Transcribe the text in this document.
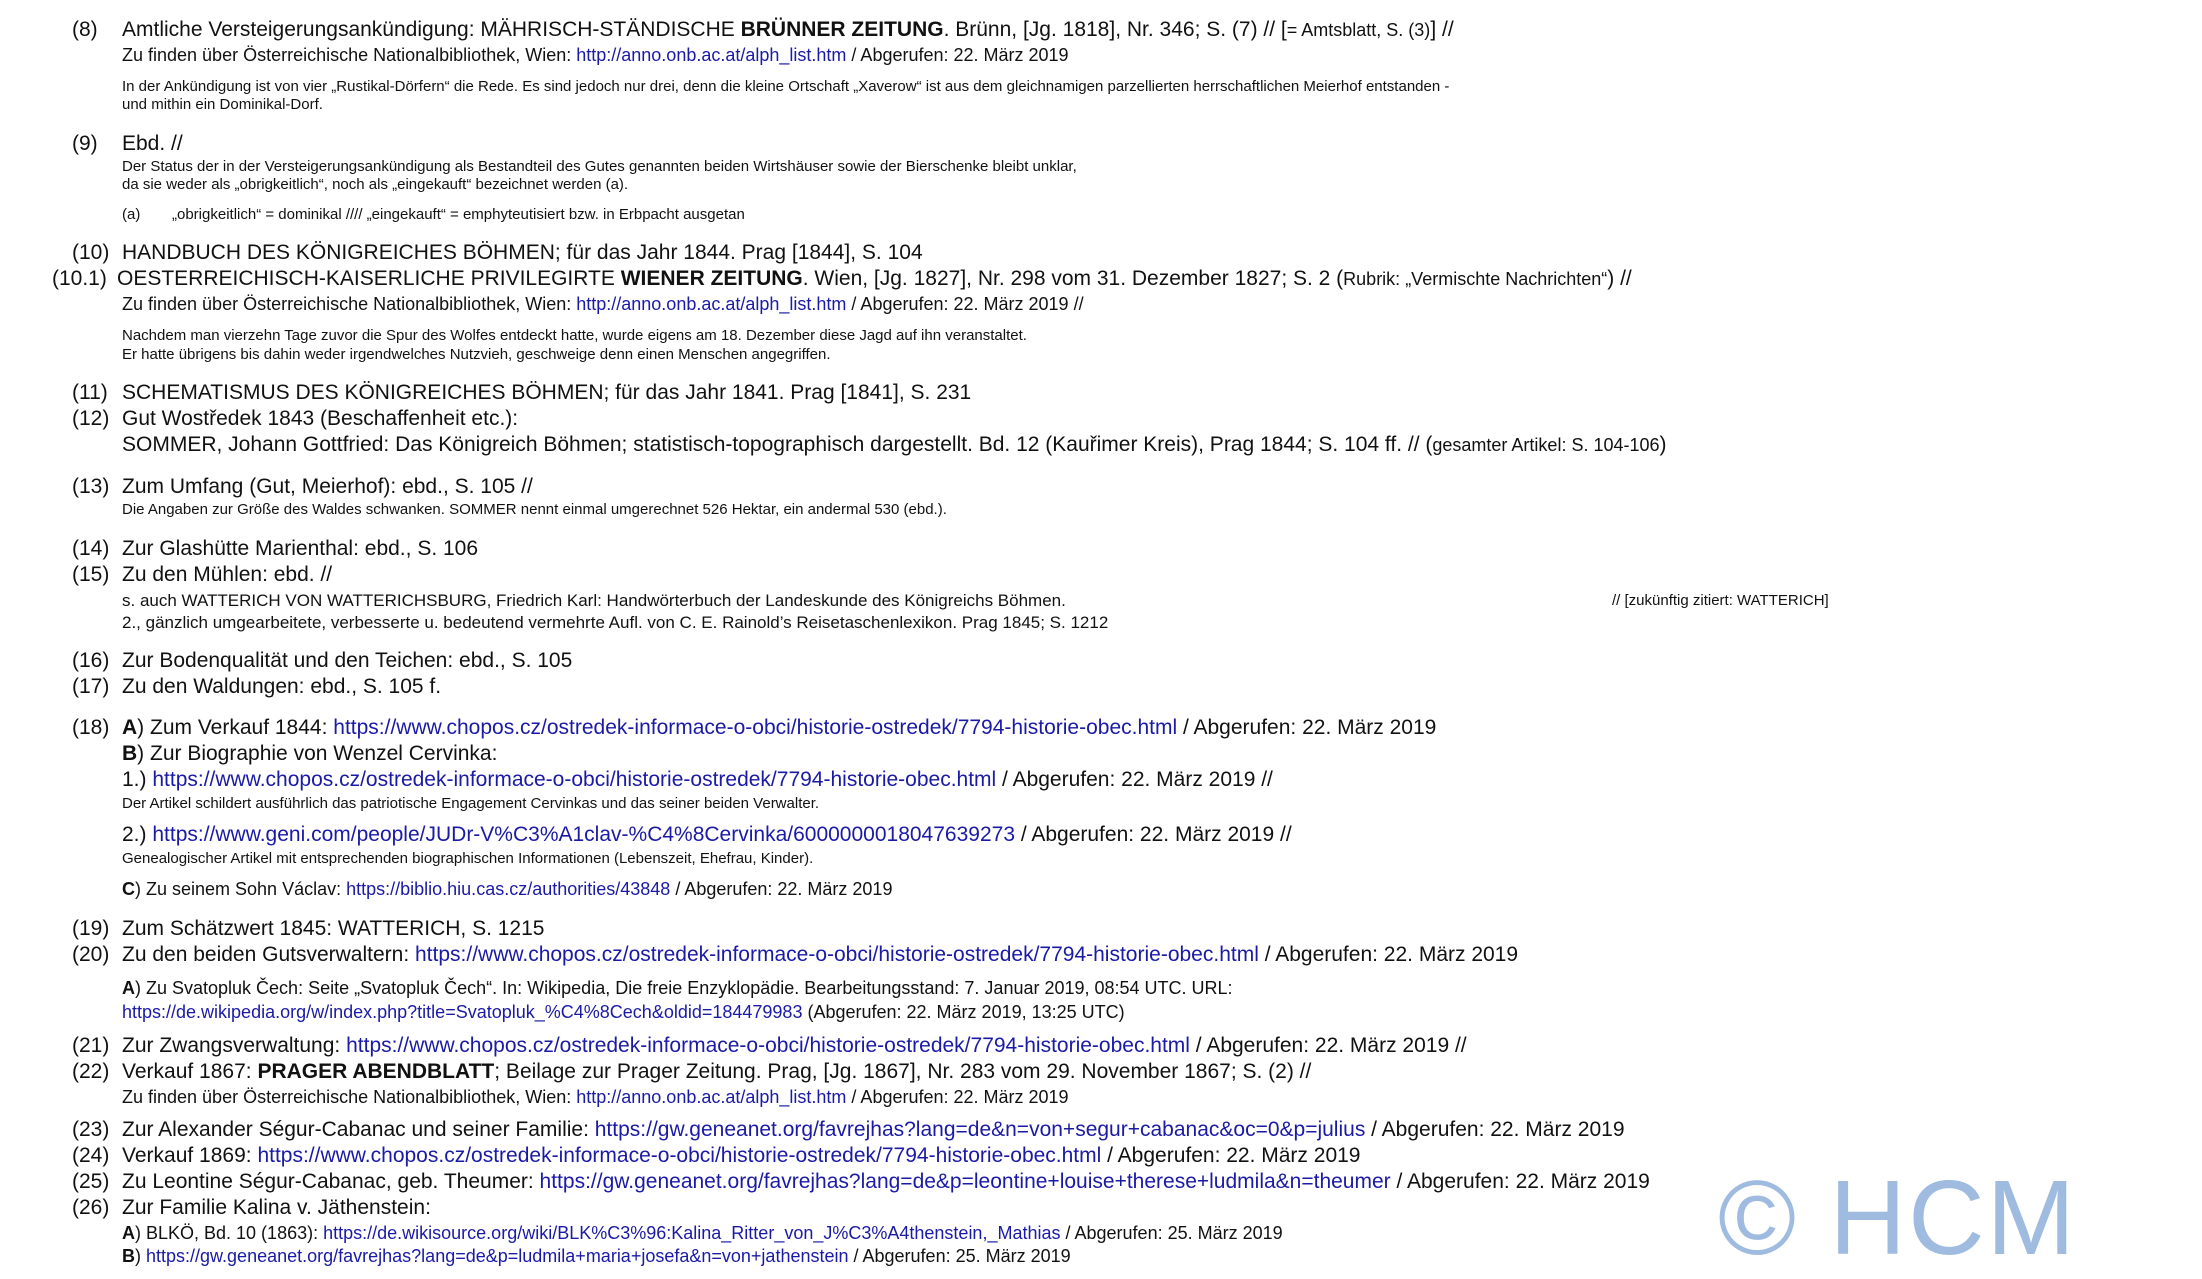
(8) Amtliche Versteigerungsankündigung: MÄHRISCH-STÄNDISCHE BRÜNNER ZEITUNG. Brünn, [Jg. 1818], Nr. 346; S. (7) // [= Amtsblatt, S. (3)] //
Zu finden über Österreichische Nationalbibliothek, Wien: http://anno.onb.ac.at/alph_list.htm / Abgerufen: 22. März 2019
In der Ankündigung ist von vier „Rustikal-Dörfern“ die Rede. Es sind jedoch nur drei, denn die kleine Ortschaft „Xaverow“ ist aus dem gleichnamigen parzellierten herrschaftlichen Meierhof entstanden -
und mithin ein Dominikal-Dorf.
(9) Ebd. //
Der Status der in der Versteigerungsankündigung als Bestandteil des Gutes genannten beiden Wirtshäuser sowie der Bierschenke bleibt unklar,
da sie weder als „obrigkeitlich“, noch als „eingekauft“ bezeichnet werden (a).
(a) „obrigkeitlich“ = dominikal //// „eingekauft“ = emphyteutisiert bzw. in Erbpacht ausgetan
(10) HANDBUCH DES KÖNIGREICHES BÖHMEN; für das Jahr 1844. Prag [1844], S. 104
(10.1) OESTERREICHISCH-KAISERLICHE PRIVILEGIRTE WIENER ZEITUNG. Wien, [Jg. 1827], Nr. 298 vom 31. Dezember 1827; S. 2 (Rubrik: „Vermischte Nachrichten“) //
Zu finden über Österreichische Nationalbibliothek, Wien: http://anno.onb.ac.at/alph_list.htm / Abgerufen: 22. März 2019 //
Nachdem man vierzehn Tage zuvor die Spur des Wolfes entdeckt hatte, wurde eigens am 18. Dezember diese Jagd auf ihn veranstaltet.
Er hatte übrigens bis dahin weder irgendwelches Nutzvieh, geschweige denn einen Menschen angegriffen.
(11) SCHEMATISMUS DES KÖNIGREICHES BÖHMEN; für das Jahr 1841. Prag [1841], S. 231
(12) Gut Wostředek 1843 (Beschaffenheit etc.):
SOMMER, Johann Gottfried: Das Königreich Böhmen; statistisch-topographisch dargestellt. Bd. 12 (Kauřimer Kreis), Prag 1844; S. 104 ff. // (gesamter Artikel: S. 104-106)
(13) Zum Umfang (Gut, Meierhof): ebd., S. 105 //
Die Angaben zur Größe des Waldes schwanken. SOMMER nennt einmal umgerechnet 526 Hektar, ein andermal 530 (ebd.).
(14) Zur Glashütte Marienthal: ebd., S. 106
(15) Zu den Mühlen: ebd. //
s. auch WATTERICH VON WATTERICHSBURG, Friedrich Karl: Handwörterbuch der Landeskunde des Königreichs Böhmen.	// [zukünftig zitiert: WATTERICH]
2., gänzlich umgearbeitete, verbesserte u. bedeutend vermehrte Aufl. von C. E. Rainold’s Reisetaschenlexikon. Prag 1845; S. 1212
(16) Zur Bodenqualität und den Teichen: ebd., S. 105
(17) Zu den Waldungen: ebd., S. 105 f.
(18) A) Zum Verkauf 1844: https://www.chopos.cz/ostredek-informace-o-obci/historie-ostredek/7794-historie-obec.html / Abgerufen: 22. März 2019
B) Zur Biographie von Wenzel Cervinka:
1.) https://www.chopos.cz/ostredek-informace-o-obci/historie-ostredek/7794-historie-obec.html / Abgerufen: 22. März 2019 //
Der Artikel schildert ausführlich das patriotische Engagement Cervinkas und das seiner beiden Verwalter.
2.) https://www.geni.com/people/JUDr-V%C3%A1clav-%C4%8Cervinka/6000000018047639273 / Abgerufen: 22. März 2019 //
Genealogischer Artikel mit entsprechenden biographischen Informationen (Lebenszeit, Ehefrau, Kinder).
C) Zu seinem Sohn Václav: https://biblio.hiu.cas.cz/authorities/43848 / Abgerufen: 22. März 2019
(19) Zum Schätzwert 1845: WATTERICH, S. 1215
(20) Zu den beiden Gutsverwaltern: https://www.chopos.cz/ostredek-informace-o-obci/historie-ostredek/7794-historie-obec.html / Abgerufen: 22. März 2019
A) Zu Svatopluk Čech: Seite „Svatopluk Čech“. In: Wikipedia, Die freie Enzyklopädie. Bearbeitungsstand: 7. Januar 2019, 08:54 UTC. URL:
https://de.wikipedia.org/w/index.php?title=Svatopluk_%C4%8Cech&oldid=184479983 (Abgerufen: 22. März 2019, 13:25 UTC)
(21) Zur Zwangsverwaltung: https://www.chopos.cz/ostredek-informace-o-obci/historie-ostredek/7794-historie-obec.html / Abgerufen: 22. März 2019 //
(22) Verkauf 1867: PRAGER ABENDBLATT; Beilage zur Prager Zeitung. Prag, [Jg. 1867], Nr. 283 vom 29. November 1867; S. (2) //
Zu finden über Österreichische Nationalbibliothek, Wien: http://anno.onb.ac.at/alph_list.htm / Abgerufen: 22. März 2019
(23) Zur Alexander Ségur-Cabanac und seiner Familie: https://gw.geneanet.org/favrejhas?lang=de&n=von+segur+cabanac&oc=0&p=julius / Abgerufen: 22. März 2019
(24) Verkauf 1869: https://www.chopos.cz/ostredek-informace-o-obci/historie-ostredek/7794-historie-obec.html / Abgerufen: 22. März 2019
(25) Zu Leontine Ségur-Cabanac, geb. Theumer: https://gw.geneanet.org/favrejhas?lang=de&p=leontine+louise+therese+ludmila&n=theumer / Abgerufen: 22. März 2019
(26) Zur Familie Kalina v. Jäthenstein:
A) BLKÖ, Bd. 10 (1863): https://de.wikisource.org/wiki/BLK%C3%96:Kalina_Ritter_von_J%C3%A4thenstein,_Mathias / Abgerufen: 25. März 2019
B) https://gw.geneanet.org/favrejhas?lang=de&p=ludmila+maria+josefa&n=von+jathenstein / Abgerufen: 25. März 2019	© HCM
